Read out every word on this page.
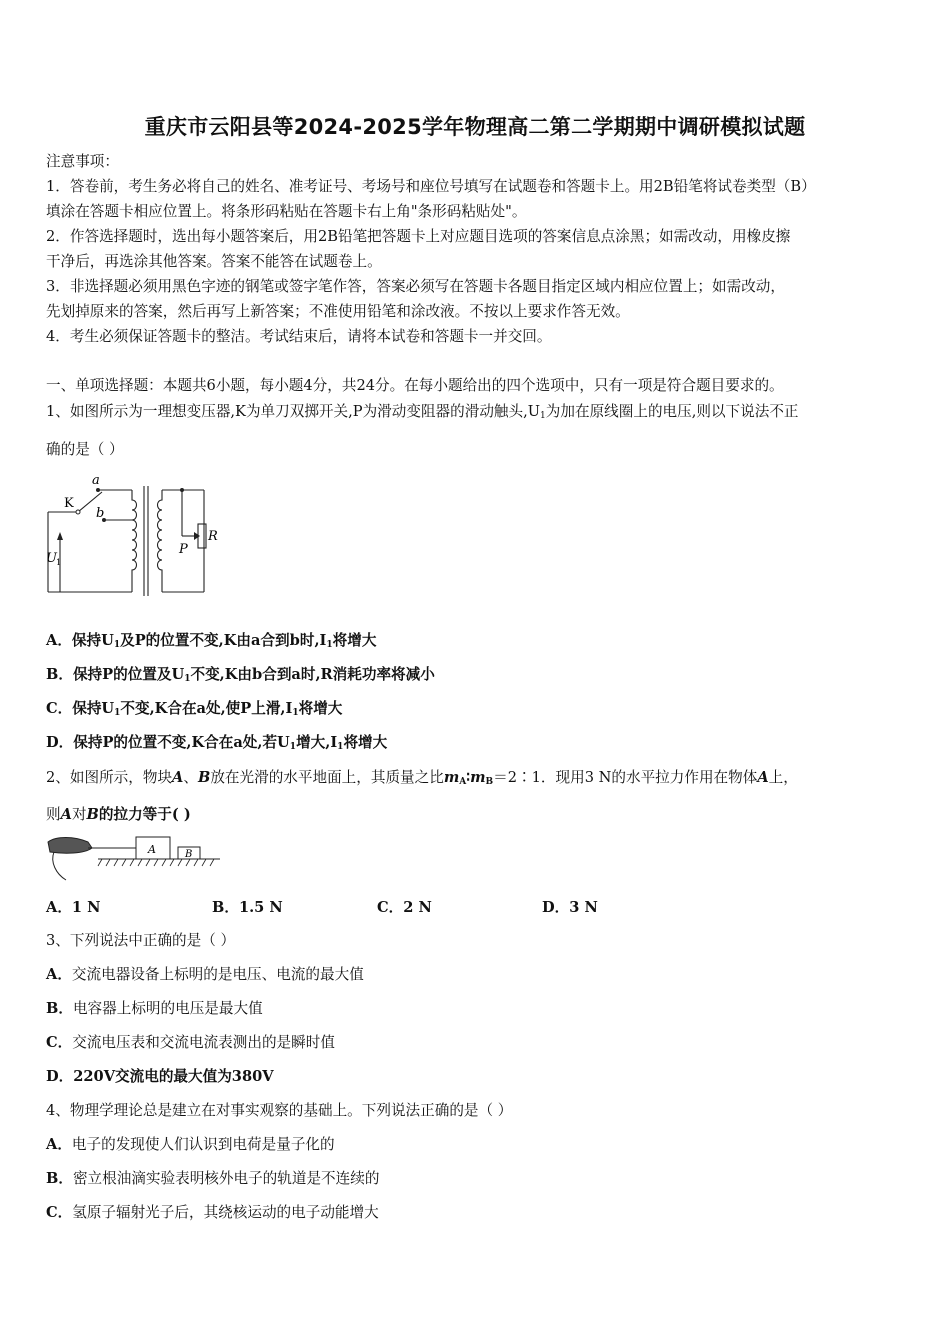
重庆市云阳县等2024-2025学年物理高二第二学期期中调研模拟试题
注意事项：
1．答卷前，考生务必将自己的姓名、准考证号、考场号和座位号填写在试题卷和答题卡上。用2B铅笔将试卷类型（B）
填涂在答题卡相应位置上。将条形码粘贴在答题卡右上角"条形码粘贴处"。
2．作答选择题时，选出每小题答案后，用2B铅笔把答题卡上对应题目选项的答案信息点涂黑；如需改动，用橡皮擦
干净后，再选涂其他答案。答案不能答在试题卷上。
3．非选择题必须用黑色字迹的钢笔或签字笔作答，答案必须写在答题卡各题目指定区域内相应位置上；如需改动，
先划掉原来的答案，然后再写上新答案；不准使用铅笔和涂改液。不按以上要求作答无效。
4．考生必须保证答题卡的整洁。考试结束后，请将本试卷和答题卡一并交回。
一、单项选择题：本题共6小题，每小题4分，共24分。在每小题给出的四个选项中，只有一项是符合题目要求的。
1、如图所示为一理想变压器,K为单刀双掷开关,P为滑动变阻器的滑动触头$,U_1$为加在原线圈上的电压,则以下说法不正
确的是（ ）
K
a
b
U 1
P
R
A．保持$U_1$及P的位置不变,K由a合到b时$,I_1$将增大
B．保持P的位置及$U_1$不变,K由b合到a时,R消耗功率将减小
C．保持$U_1$不变,K合在a处,使P上滑$,I_1$将增大
D．保持P的位置不变,K合在a处,若$U_1$增大$,I_1$将增大
2、如图所示，物块A、B放在光滑的水平地面上，其质量之比$m_A∶m_B=2∶1$．现用3 N的水平拉力作用在物体A上，
则A对B的拉力等于( )
A	B
A．1 N	B．1.5 N	C．2 N	D．3 N
3、下列说法中正确的是（ ）
A．交流电器设备上标明的是电压、电流的最大值
B．电容器上标明的电压是最大值
C．交流电压表和交流电流表测出的是瞬时值
D．220V交流电的最大值为380V
4、物理学理论总是建立在对事实观察的基础上。下列说法正确的是（ ）
A．电子的发现使人们认识到电荷是量子化的
B．密立根油滴实验表明核外电子的轨道是不连续的
C．氢原子辐射光子后，其绕核运动的电子动能增大
